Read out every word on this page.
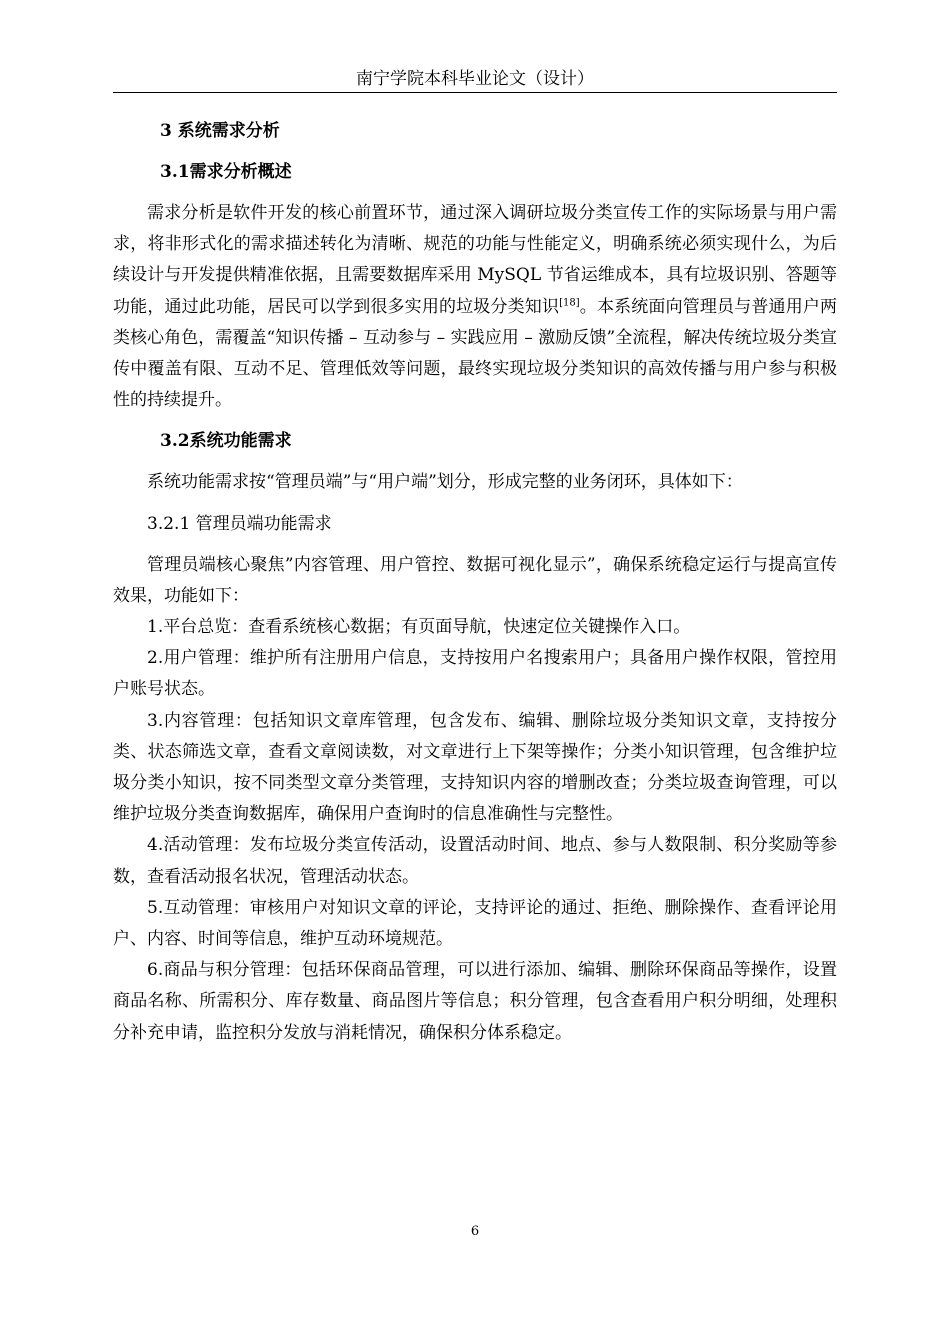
南宁学院本科毕业论文（设计）
3 系统需求分析
3.1需求分析概述

需求分析是软件开发的核心前置环节，通过深入调研垃圾分类宣传工作的实际场景与用户需求，将非形式化的需求描述转化为清晰、规范的功能与性能定义，明确系统必须实现什么，为后续设计与开发提供精准依据，且需要数据库采用 MySQL 节省运维成本，具有垃圾识别、答题等功能，通过此功能，居民可以学到很多实用的垃圾分类知识[18]。本系统面向管理员与普通用户两类核心角色，需覆盖“知识传播 – 互动参与 – 实践应用 – 激励反馈”全流程，解决传统垃圾分类宣传中覆盖有限、互动不足、管理低效等问题，最终实现垃圾分类知识的高效传播与用户参与积极性的持续提升。

3.2系统功能需求

系统功能需求按“管理员端”与“用户端”划分，形成完整的业务闭环，具体如下：

3.2.1 管理员端功能需求

管理员端核心聚焦”内容管理、用户管控、数据可视化显示”，确保系统稳定运行与提高宣传效果，功能如下：

1.平台总览：查看系统核心数据；有页面导航，快速定位关键操作入口。

2.用户管理：维护所有注册用户信息，支持按用户名搜索用户；具备用户操作权限，管控用户账号状态。

3.内容管理：包括知识文章库管理，包含发布、编辑、删除垃圾分类知识文章，支持按分类、状态筛选文章，查看文章阅读数，对文章进行上下架等操作；分类小知识管理，包含维护垃圾分类小知识，按不同类型文章分类管理，支持知识内容的增删改查；分类垃圾查询管理，可以维护垃圾分类查询数据库，确保用户查询时的信息准确性与完整性。

4.活动管理：发布垃圾分类宣传活动，设置活动时间、地点、参与人数限制、积分奖励等参数，查看活动报名状况，管理活动状态。

5.互动管理：审核用户对知识文章的评论，支持评论的通过、拒绝、删除操作、查看评论用户、内容、时间等信息，维护互动环境规范。

6.商品与积分管理：包括环保商品管理，可以进行添加、编辑、删除环保商品等操作，设置商品名称、所需积分、库存数量、商品图片等信息；积分管理，包含查看用户积分明细，处理积分补充申请，监控积分发放与消耗情况，确保积分体系稳定。

6
